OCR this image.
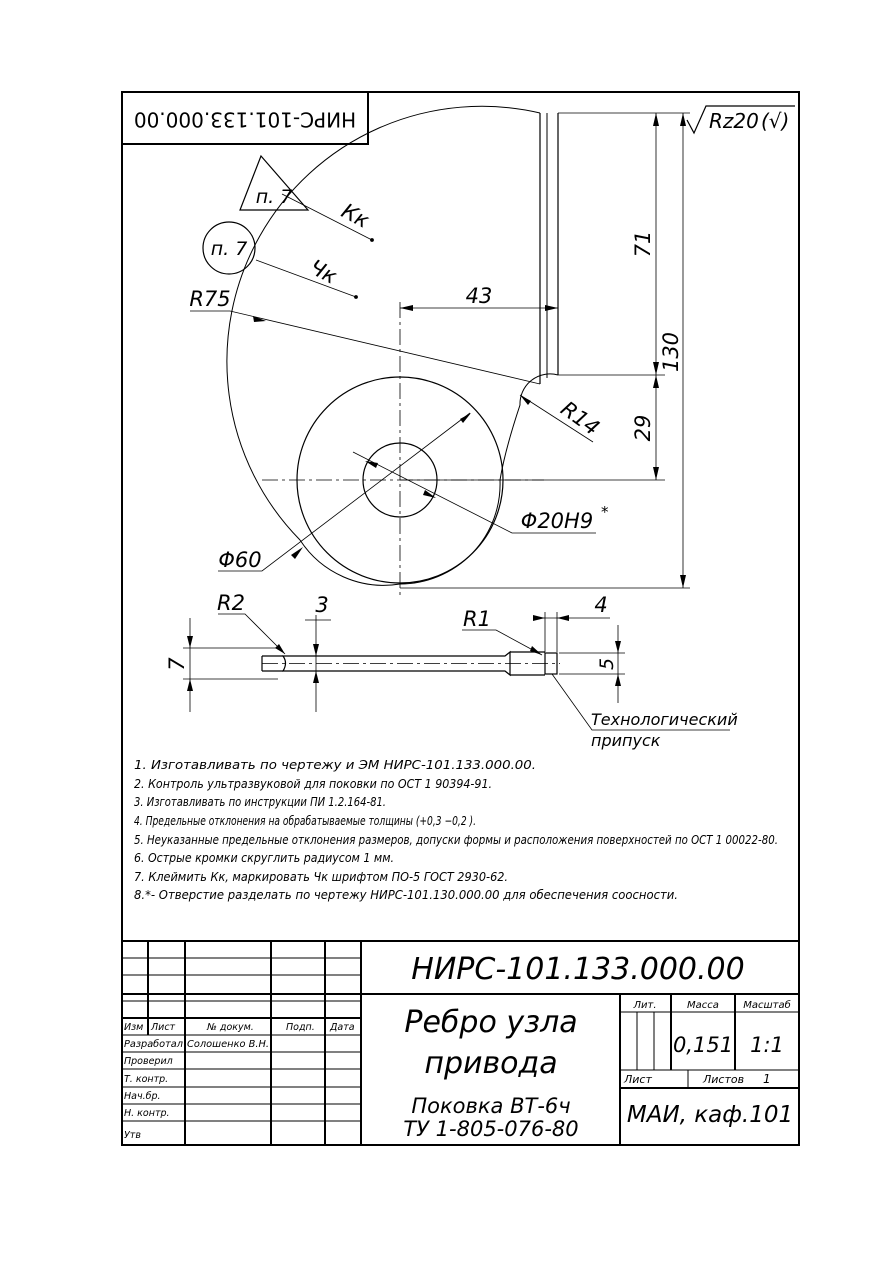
НИРС-101.133.000.00	Rz20 (√)
п. 7
п. 7
Кк
Чк
R75	43
71
130
29
R14
Φ20H9 *
Φ60
R2	3
R1
4
7	5
Технологический
припуск
1. Изготавливать по чертежу и ЭМ НИРС-101.133.000.00.
2. Контроль ультразвуковой для поковки по ОСТ 1 90394-91.
3. Изготавливать по инструкции ПИ 1.2.164-81.
4. Предельные отклонения на обрабатываемые толщины (+0,3 −0,2 ).
5. Неуказанные предельные отклонения размеров, допуски формы и расположения поверхностей по ОСТ 1 00022-80.
6. Острые кромки скруглить радиусом 1 мм.
7. Клеймить Кк, маркировать Чк шрифтом ПО-5 ГОСТ 2930-62.
8.*- Отверстие разделать по чертежу НИРС-101.130.000.00 для обеспечения соосности.
НИРС-101.133.000.00
Ребро узла
привода
Поковка ВТ-6ч
ТУ 1-805-076-80
Лит.	Масса Масштаб
0,151 1:1
Лист	Листов 1
МАИ, каф.101
Изм Лист	№ докум.	Подп. Дата
Разработал Солошенко В.Н.
Проверил
Т. контр.
Нач.бр.
Н. контр.
Утв
